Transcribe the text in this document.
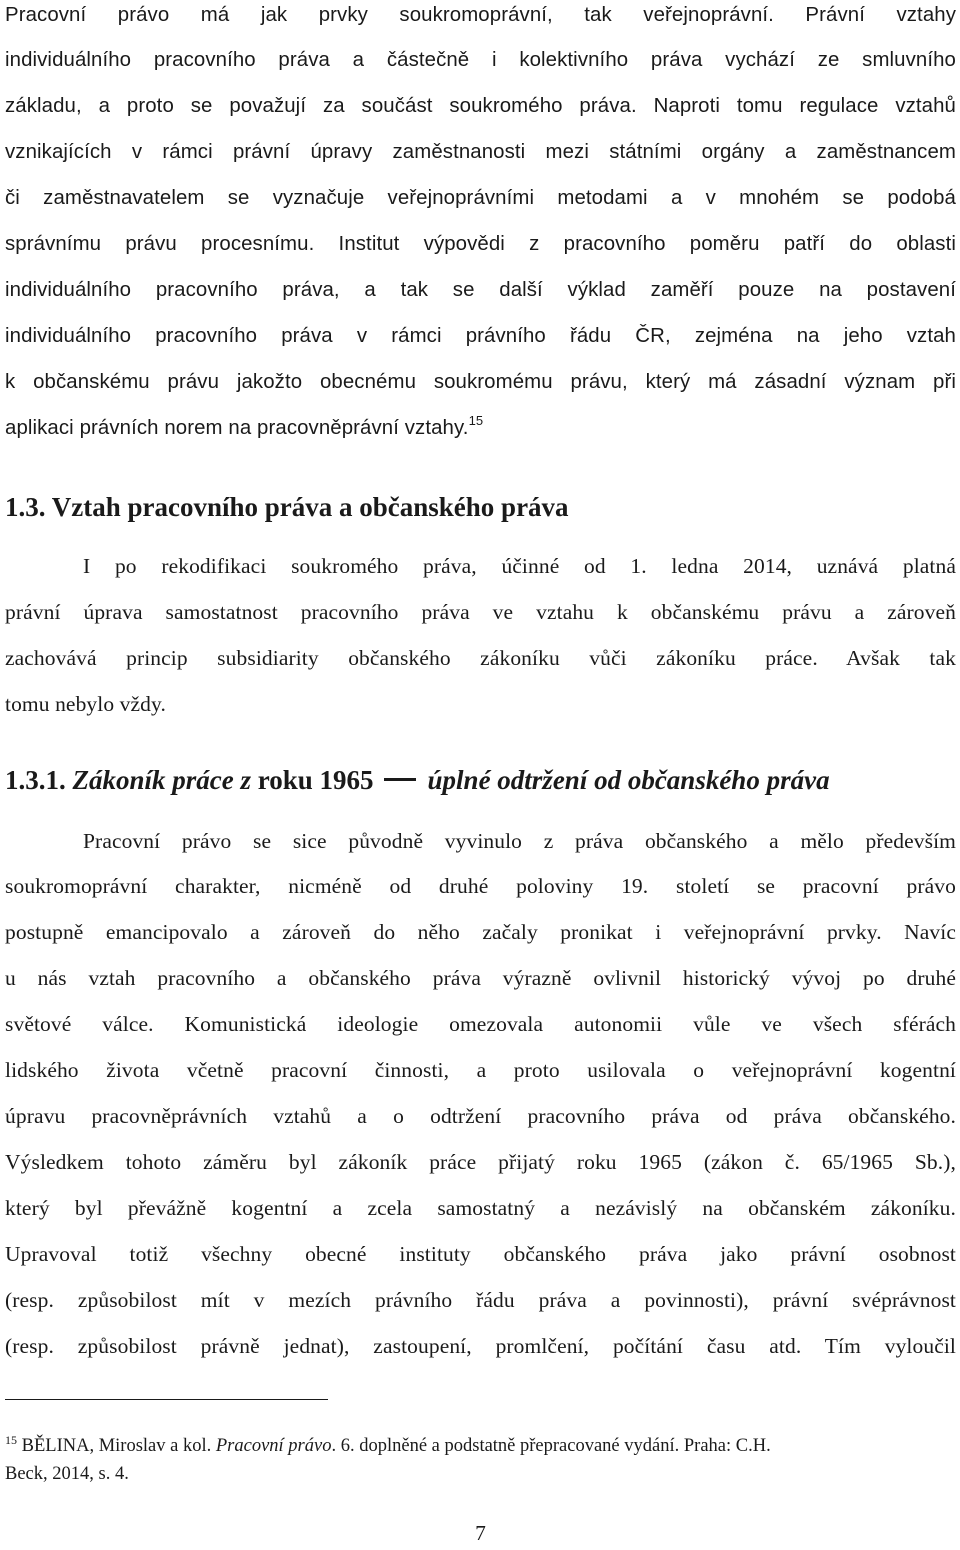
Pracovní právo má jak prvky soukromoprávní, tak veřejnoprávní. Právní vztahy
individuálního pracovního práva a částečně i kolektivního práva vychází ze smluvního
základu, a proto se považují za součást soukromého práva. Naproti tomu regulace vztahů
vznikajících v rámci právní úpravy zaměstnanosti mezi státními orgány a zaměstnancem
či zaměstnavatelem se vyznačuje veřejnoprávními metodami a v mnohém se podobá
správnímu právu procesnímu. Institut výpovědi z pracovního poměru patří do oblasti
individuálního pracovního práva, a tak se další výklad zaměří pouze na postavení
individuálního pracovního práva v rámci právního řádu ČR, zejména na jeho vztah
k občanskému právu jakožto obecnému soukromému právu, který má zásadní význam při
aplikaci právních norem na pracovněprávní vztahy.$^{15}$
1.3. Vztah pracovního práva a občanského práva
I po rekodifikaci soukromého práva, účinné od 1. ledna 2014, uznává platná
právní úprava samostatnost pracovního práva ve vztahu k občanskému právu a zároveň
zachovává princip subsidiarity občanského zákoníku vůči zákoníku práce. Avšak tak
tomu nebylo vždy.
1.3.1. Zákoník práce z roku 1965 úplné odtržení od občanského práva
Pracovní právo se sice původně vyvinulo z práva občanského a mělo především
soukromoprávní charakter, nicméně od druhé poloviny 19. století se pracovní právo
postupně emancipovalo a zároveň do něho začaly pronikat i veřejnoprávní prvky. Navíc
u nás vztah pracovního a občanského práva výrazně ovlivnil historický vývoj po druhé
světové válce. Komunistická ideologie omezovala autonomii vůle ve všech sférách
lidského života včetně pracovní činnosti, a proto usilovala o veřejnoprávní kogentní
úpravu pracovněprávních vztahů a o odtržení pracovního práva od práva občanského.
Výsledkem tohoto záměru byl zákoník práce přijatý roku 1965 (zákon č. 65/1965 Sb.),
který byl převážně kogentní a zcela samostatný a nezávislý na občanském zákoníku.
Upravoval totiž všechny obecné instituty občanského práva jako právní osobnost
(resp. způsobilost mít v mezích právního řádu práva a povinnosti), právní svéprávnost
(resp. způsobilost právně jednat), zastoupení, promlčení, počítání času atd. Tím vyloučil
$^{15}$ BĚLINA, Miroslav a kol. Pracovní právo. 6. doplněné a podstatně přepracované vydání. Praha: C.H.
Beck, 2014, s. 4.
7
